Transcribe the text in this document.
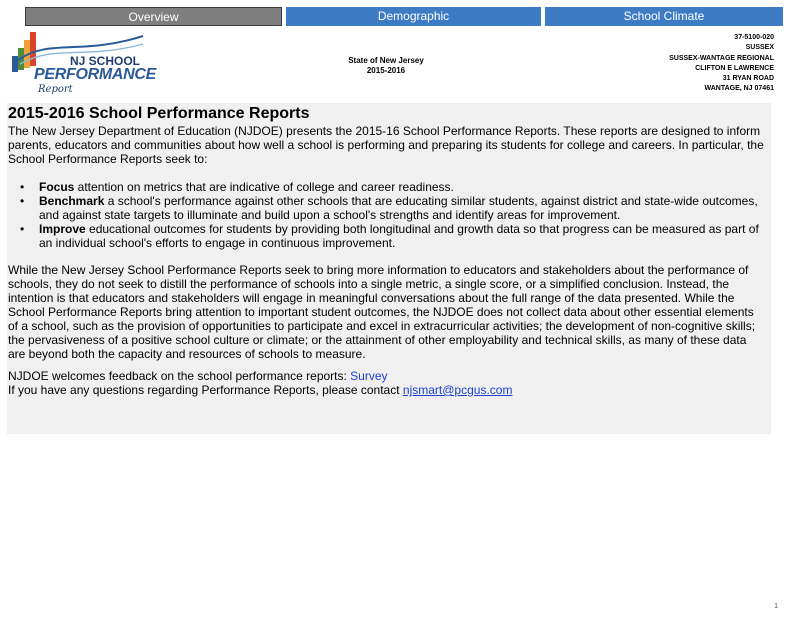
Overview	Demographic	School Climate
NJ SCHOOL
PERFORMANCE
Report
State of New Jersey
2015-2016
37-5100-020
SUSSEX
SUSSEX-WANTAGE REGIONAL
CLIFTON E LAWRENCE
31 RYAN ROAD
WANTAGE, NJ 07461
2015-2016 School Performance Reports
The New Jersey Department of Education (NJDOE) presents the 2015-16 School Performance Reports. These reports are designed to inform parents, educators and communities about how well a school is performing and preparing its students for college and careers. In particular, the School Performance Reports seek to:
• Focus attention on metrics that are indicative of college and career readiness.
• Benchmark a school's performance against other schools that are educating similar students, against district and state-wide outcomes, and against state targets to illuminate and build upon a school's strengths and identify areas for improvement.
• Improve educational outcomes for students by providing both longitudinal and growth data so that progress can be measured as part of an individual school's efforts to engage in continuous improvement.
While the New Jersey School Performance Reports seek to bring more information to educators and stakeholders about the performance of schools, they do not seek to distill the performance of schools into a single metric, a single score, or a simplified conclusion. Instead, the intention is that educators and stakeholders will engage in meaningful conversations about the full range of the data presented. While the School Performance Reports bring attention to important student outcomes, the NJDOE does not collect data about other essential elements of a school, such as the provision of opportunities to participate and excel in extracurricular activities; the development of non-cognitive skills; the pervasiveness of a positive school culture or climate; or the attainment of other employability and technical skills, as many of these data are beyond both the capacity and resources of schools to measure.
NJDOE welcomes feedback on the school performance reports: Survey
If you have any questions regarding Performance Reports, please contact njsmart@pcgus.com
1
